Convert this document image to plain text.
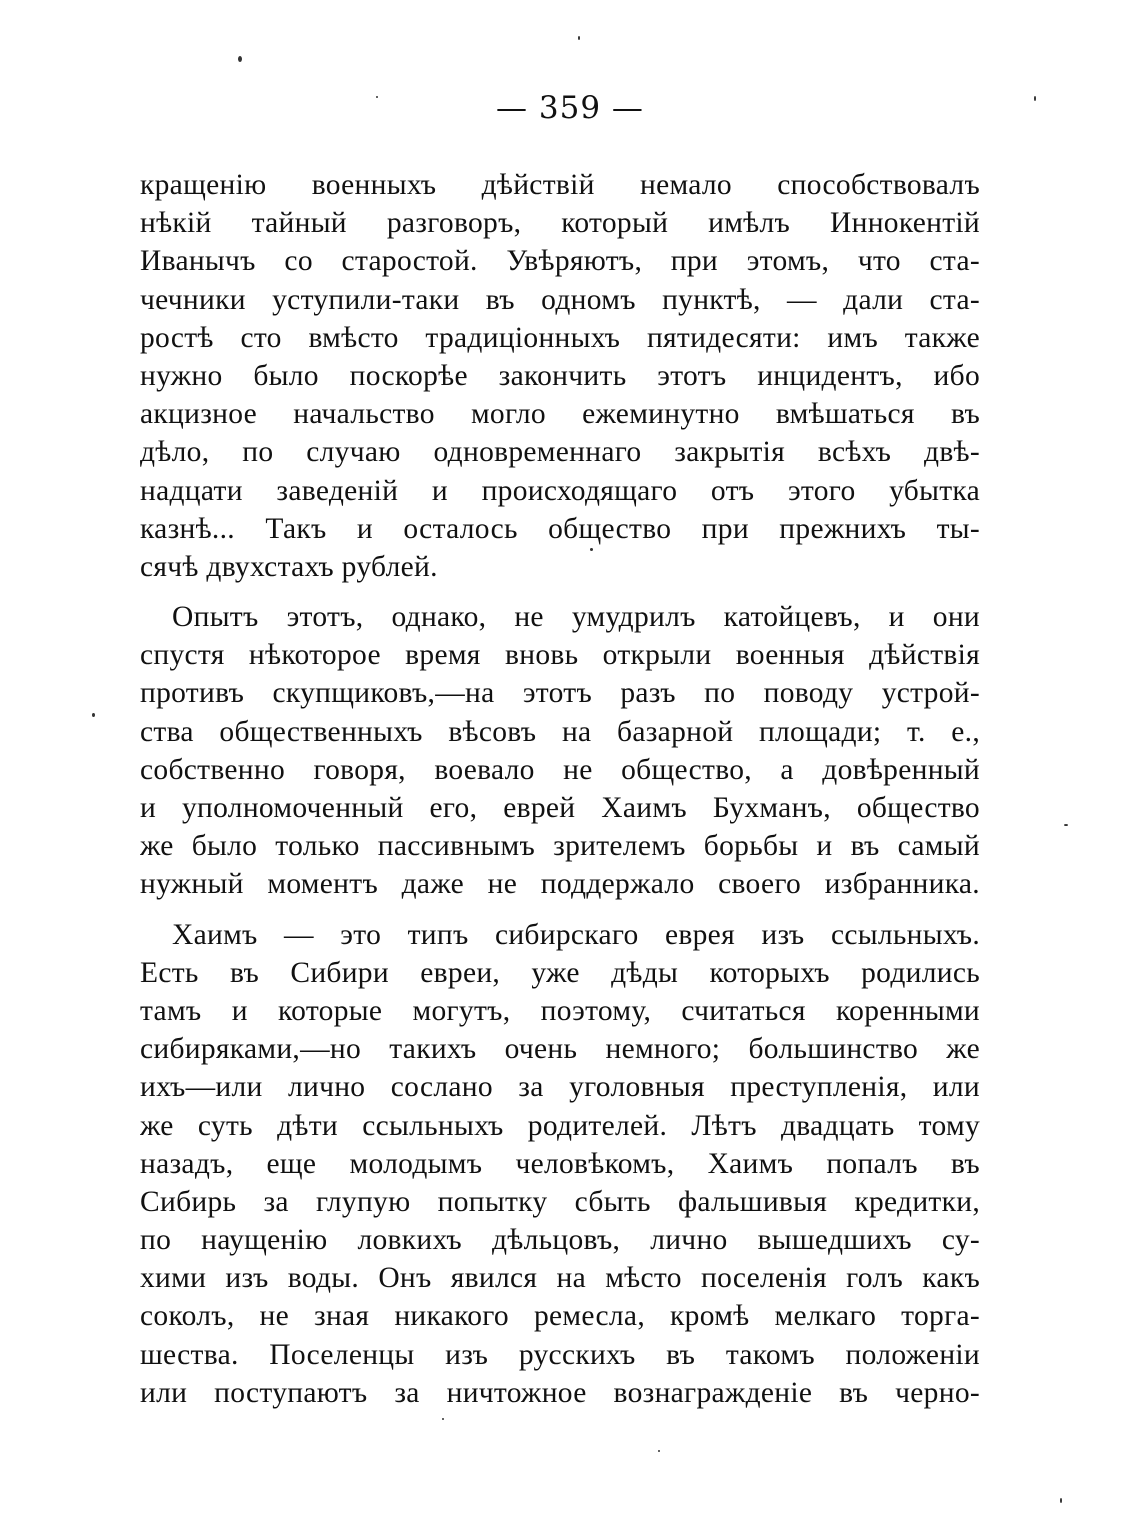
— 359 —
кращенію военныхъ дѣйствій немало способствовалъ
нѣкій тайный разговоръ, который имѣлъ Иннокентій
Иванычъ со старостой. Увѣряютъ, при этомъ, что ста-
чечники уступили-таки въ одномъ пунктѣ, — дали ста-
ростѣ сто вмѣсто традиціонныхъ пятидесяти: имъ также
нужно было поскорѣе закончить этотъ инцидентъ, ибо
акцизное начальство могло ежеминутно вмѣшаться въ
дѣло, по случаю одновременнаго закрытія всѣхъ двѣ-
надцати заведеній и происходящаго отъ этого убытка
казнѣ... Такъ и осталось общество при прежнихъ ты-
сячѣ двухстахъ рублей.
Опытъ этотъ, однако, не умудрилъ катойцевъ, и они
спустя нѣкоторое время вновь открыли военныя дѣйствія
противъ скупщиковъ,—на этотъ разъ по поводу устрой-
ства общественныхъ вѣсовъ на базарной площади; т. е.,
собственно говоря, воевало не общество, а довѣренный
и уполномоченный его, еврей Хаимъ Бухманъ, общество
же было только пассивнымъ зрителемъ борьбы и въ самый
нужный моментъ даже не поддержало своего избранника.
Хаимъ — это типъ сибирскаго еврея изъ ссыльныхъ.
Есть въ Сибири евреи, уже дѣды которыхъ родились
тамъ и которые могутъ, поэтому, считаться коренными
сибиряками,—но такихъ очень немного; большинство же
ихъ—или лично сослано за уголовныя преступленія, или
же суть дѣти ссыльныхъ родителей. Лѣтъ двадцать тому
назадъ, еще молодымъ человѣкомъ, Хаимъ попалъ въ
Сибирь за глупую попытку сбыть фальшивыя кредитки,
по наущенію ловкихъ дѣльцовъ, лично вышедшихъ су-
хими изъ воды. Онъ явился на мѣсто поселенія голъ какъ
соколъ, не зная никакого ремесла, кромѣ мелкаго торга-
шества. Поселенцы изъ русскихъ въ такомъ положеніи
или поступаютъ за ничтожное вознагражденіе въ черно-
